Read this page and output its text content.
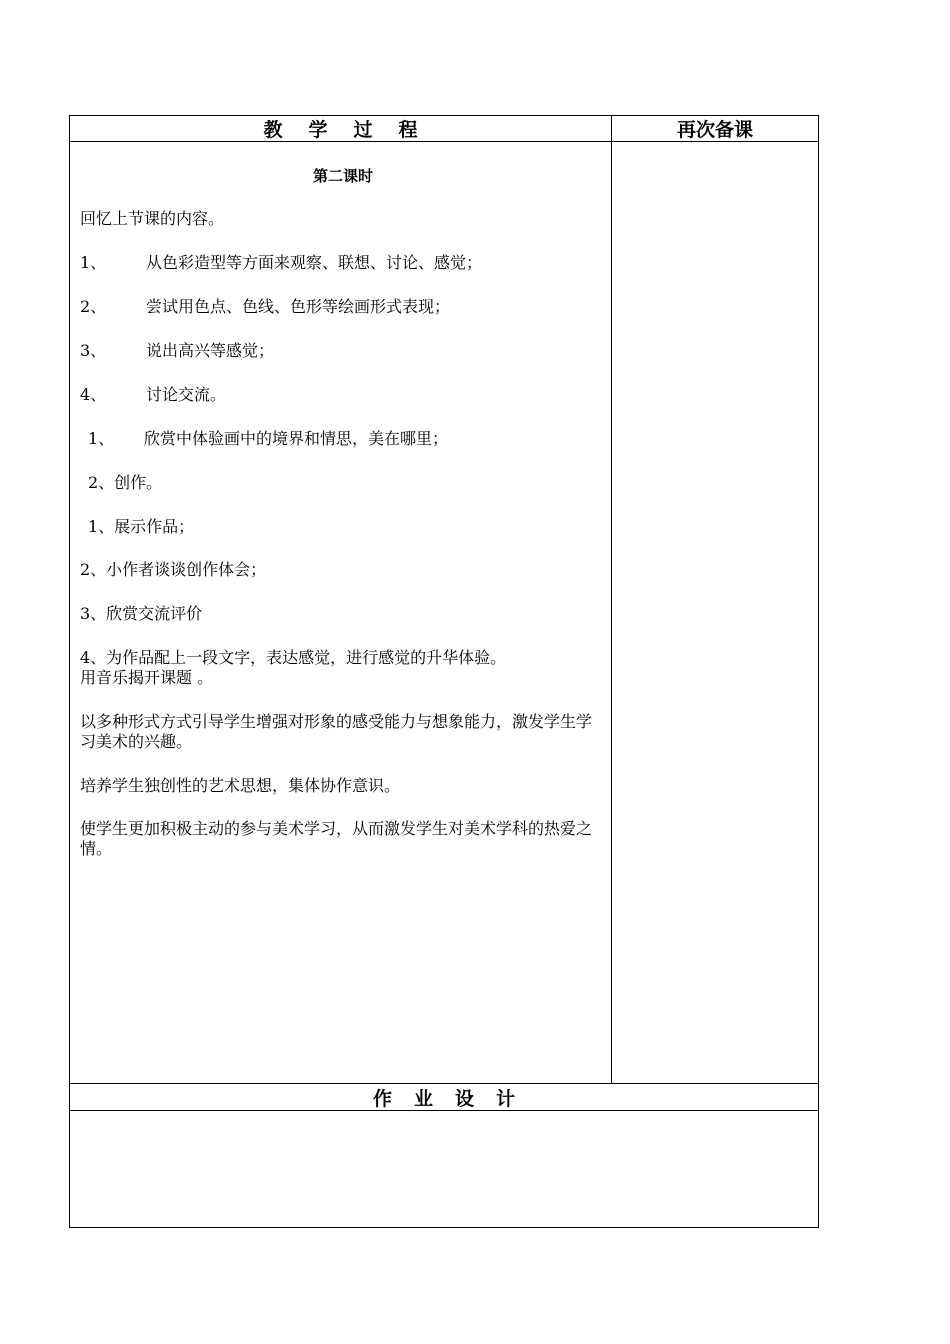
教 学 过 程	再次备课
第二课时
回忆上节课的内容。
1、 从色彩造型等方面来观察、联想、讨论、感觉；
2、 尝试用色点、色线、色形等绘画形式表现；
3、 说出高兴等感觉；
4、 讨论交流。
1、 欣赏中体验画中的境界和情思，美在哪里；
2、创作。
1、展示作品；
2、小作者谈谈创作体会；
3、欣赏交流评价
4、为作品配上一段文字，表达感觉，进行感觉的升华体验。
用音乐揭开课题 。
以多种形式方式引导学生增强对形象的感受能力与想象能力，激发学生学习美术的兴趣。
培养学生独创性的艺术思想，集体协作意识。
使学生更加积极主动的参与美术学习，从而激发学生对美术学科的热爱之情。
作 业 设 计
